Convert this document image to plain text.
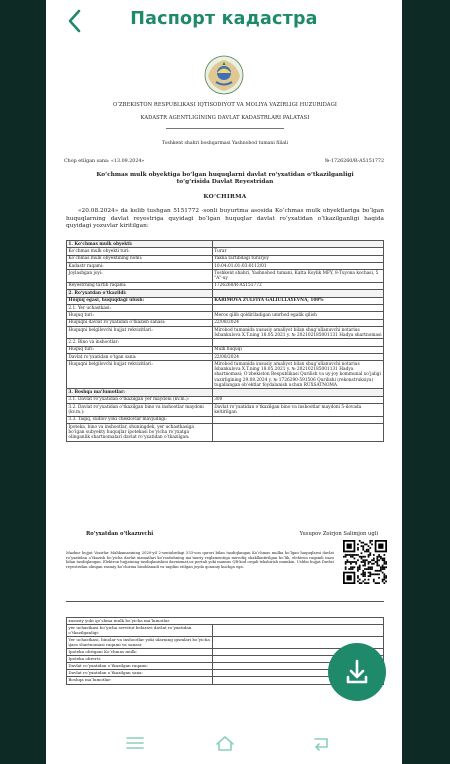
Паспорт кадастра
O‘ZBEKISTON RESPUBLIKASI IQTISODIYOT VA MOLIYA VAZIRLIGI HUZURIDAGI
KADASTR AGENTLIGINING DAVLAT KADASTRLARI PALATASI
Toshkent shahri boshqarmasi Yashnobod tumani filiali
Chop etilgan sana: «13.09.2024»	№-1726260/R-A5151772
Ko‘chmas mulk obyektiga bo‘lgan huquqlarni davlat ro‘yxatidan o‘tkazilganligi to‘g‘risida Davlat Reyestridan
KO‘CHIRMA
«20.08.2024» da kelib tushgan 5151772 -sonli buyurtma asosida Ko‘chmas mulk obyektlariga bo‘lgan huquqlarning davlat reyestriga quyidagi bo‘lgan huquqlar davlat ro‘yxatidan o‘tkazilganligi haqida quyidagi yozuvlar kiritilgan:
1. Ko‘chmas mulk obyekti:	
Ko‘chmas mulk obyekti turi:	Turar
Ko‘chmas mulk obyektining nomi:	Yakka tartibdagi turarjoy
Kadastr raqami:	10:04:01:01:03:0112/01
Joylashgan joyi:	Toshkent shahri, Yashnobod tumani, Katta Koylik MFY, 8-Tuyona kochasi, 5 "A"-uy
Reyestrning tartib raqami:	1726260/R-A5151772
2. Ro‘yxatdan o‘tkazildi:	
Huquq egasi, huquqdagi ulush:	KARIMOVA ZULFIYA GALIULLAYEVNA, 100%
2.1. Yer uchastkasi:	
Huquq turi:	Meros qilib qoldiriladigan umrbod egalik qilish
Huquqni davlat ro‘yxatidan o‘tkazish sanasi:	22/08/2024
Huquqni belgilovchi hujjat rekvizitlari:	Mirobod tumanida xususiy amaliyot bilan shug‘ullanuvchi notarius Isbankulova X.T.ning 18.05.2021 y. № 202102185001131 Hadya shartnomasi
2.2. Bino va inshootlar:	
Huquq turi:	Mulk huquqi
Davlat ro‘yxatidan o‘tgan sana:	22/08/2024
Huquqni belgilovchi hujjat rekvizitlari:	Mirobod tumanida xususiy amaliyot bilan shug‘ullanuvchi notarius Isbankulova X.T.ning 18.05.2021 y. № 202102185001131 Hadya shartnomasi; O‘zbekiston Respublikasi Qurilish va uy-joy kommunal xo‘jaligi vazirligining 29.08.2024 y. № 1726290-591506 Qurilishi (rekonstruksiya) tugallangan ob‘ektlar foydalanish uchun RUXSATNOMA
3. Boshqa ma‘lumotlar:	
3.1. Davlat ro‘yxatidan o‘tkazilgan yer maydoni (kv.m.):	300
3.2. Davlat ro‘yxatidan o‘tkazilgan bino va inshootlar maydoni (kv.m.):	Davlat ro‘yxatidan o‘tkazilgan bino va inshootlar maydoni 5-ilovada keltirilgan
3.3. Taqiq, sudlov yoki cheklovlar mavjudligi:	
Ipoteka, bino va inshootlar, shuningdek, yer uchastkasiga bo‘lgan subyekty huquqlar ipotekasi bo‘yicha ro‘yxatga olinganlik shartnomalari davlat ro‘yxatidan o‘tkazilgan:	
Ro‘yxatdan o‘tkazuvchi	Yusupov Zoirjon Salimjon ugli
Mazkur hujjat Vazirlar Mahkamasining 2020-yil 2-sentabrdagi 533-son qarori bilan tasdiqlangan Ko‘chmas mulka bo‘lgan huquqlarni davlat ro‘yxatidan o‘tkazish bo‘yicha davlat xizmatlari ko‘rsatishning ma‘muriy reglamentiga muvofiq shakllantirilgan bo‘lib, elektron raqamli imzo bilan tasdiqlangan. Elektron hujjatning tasdiqlanishini davxizmat.uz portali yoki maxsus QR-kod orqali tekshirish mumkin. Ushbu hujjat Davlat reyestridan olingan rasmiy ko‘chirma hisoblanadi va taqdim etilgan joyda qonuniy kuchga ega.
xususiy yoki qo‘shma mulk bo‘yicha ma‘lumotlar	
yer uchastkasi bo‘yicha servitut belaravi davlat ro‘yxatidan o‘tkazilganligi:	
Yer uchastkasi, binolar va inshootlar yoki ularning qismlari bo‘yicha ijara shartnomasi raqami va sanasi:	
Ipoteka obrigani Ko‘chmas mulk:	
Ipoteka obrerti:	
Davlat ro‘yxatidan o‘tkazilgan raqami:	
Davlat ro‘yxatidan o‘tkazilgan sana:	
Boshqa ma‘lumotlar:	
